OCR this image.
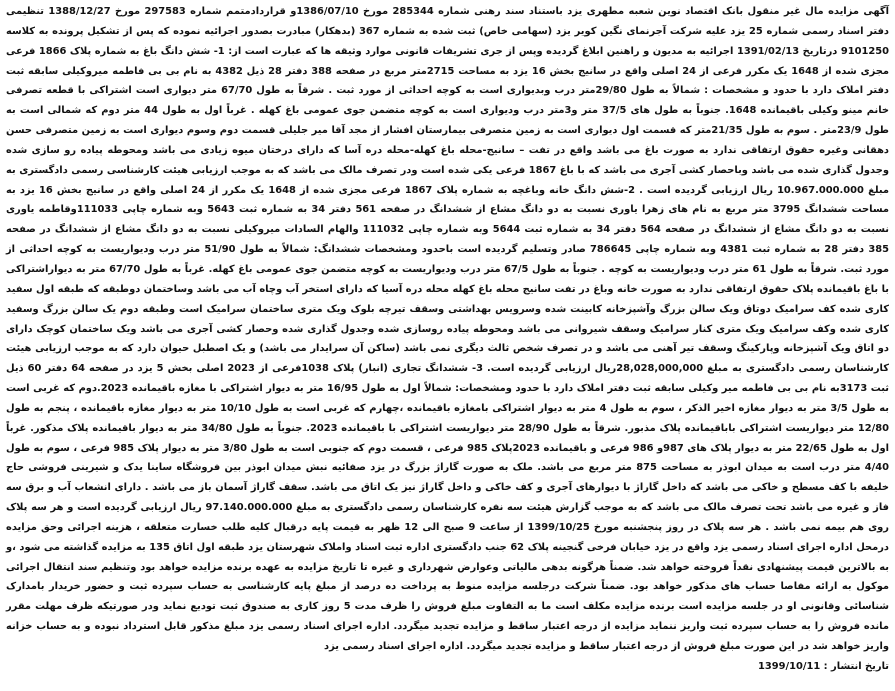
آگهی مزایده مال غیر منقول بانک اقتصاد نوین شعبه مطهری یزد باستناد سند رهنی شماره 285344 مورخ 1386/07/10و قراردادمتمم شماره 297583 مورخ 1388/12/27 تنظیمی دفتر اسناد رسمی شماره 25 یزد علیه شرکت آجرنمای نگین کویر یزد (سهامی خاص) ثبت شده به شماره 367 (بدهکار) مبادرت بصدور اجرائیه نموده که پس از تشکیل پرونده به کلاسه 9101250 درتاریخ 1391/02/13 اجرائیه به مدیون و راهنین ابلاغ گردیده وپس از جری تشریفات قانونی موارد وثیقه ها که عبارت است از: 1- شش دانگ باغ به شماره پلاک 1866 فرعی مجزی شده از 1648 یک مکرر فرعی از 24 اصلی واقع در سانیج بخش 16 یزد به مساحت 2715متر مربع در صفحه 388 دفتر 28 ذیل 4382 به نام بی بی فاطمه میروکیلی سابقه ثبت دفتر املاک دارد با حدود و مشخصات : شمالاً به طول 29/80متر درب وبدیواری است به کوچه احداثی از مورد ثبت . شرقاً به طول 67/70 متر دیواری است اشتراکی با قطعه تصرفی خانم مینو وکیلی باقیمانده 1648. جنوباً به طول های 37/5 متر و3متر درب ودیواری است به کوچه متضمن جوی عمومی باغ کهله . غرباً اول به طول 44 متر دوم که شمالی است به طول 23/9متر . سوم به طول 21/35متر که قسمت اول دیواری است به زمین متصرفی بیمارستان افشار از مجد آقا میر جلیلی قسمت دوم وسوم دیواری است به زمین متصرفی حسن دهقانی وغیره حقوق ارتفاقی ندارد به صورت باغ می باشد واقع در تفت – سانیج-محله باغ کهله-محله دره آسا که دارای درختان میوه زیادی می باشد ومحوطه پیاده رو سازی شده وجدول گذاری شده می باشد وباحصار کشی آجری می باشد که با باغ 1867 فرعی یکی شده است ودر تصرف مالک می باشد که به موجب ارزیابی هیئت کارشناسی رسمی دادگستری به مبلغ 10.967.000.000 ریال ارزیابی گردیده است . 2-شش دانگ خانه وباغچه به شماره پلاک 1867 فرعی مجزی شده از 1648 یک مکرر از 24 اصلی واقع در سانیج بخش 16 یزد به مساحت ششدانگ 3795 متر مربع به نام های زهرا یاوری نسبت به دو دانگ مشاع از ششدانگ در صفحه 561 دفتر 34 به شماره ثبت 5643 وبه شماره چاپی 111033وقاطمه یاوری نسبت به دو دانگ مشاع از ششدانگ در صفحه 564 دفتر 34 به شماره ثبت 5644 وبه شماره چاپی 111032 والهام السادات میروکیلی نسبت به دو دانگ مشاع از ششدانگ در صفحه 385 دفتر 28 به شماره ثبت 4381 وبه شماره چاپی 786645 صادر وتسلیم گردیده است باحدود ومشخصات ششدانگ: شمالاً به طول 51/90 متر درب ودیواریست به کوچه احداثی از مورد ثبت. شرقاً به طول 61 متر درب ودیواریست به کوچه . جنوباً به طول 67/5 متر درب ودیواریست به کوچه متضمن جوی عمومی باغ کهله. غرباً به طول 67/70 متر به دیواراشتراکی با باغ باقیمانده پلاک حقوق ارتفاقی ندارد به صورت خانه وباغ در تفت سانیج محله باغ کهله محله دره آسیا که دارای استخر آب وچاه آب می باشد وساختمان دوطبقه که طبقه اول سفید کاری شده کف سرامیک دوتاق ویک سالن بزرگ وآشپزخانه کابینت شده وسرویس بهداشتی وسقف تیرچه بلوک ویک متری ساختمان سرامیک است وطبقه دوم یک سالن بزرگ وسفید کاری شده وکف سرامیک ویک متری کنار سرامیک وسقف شیروانی می باشد ومحوطه پیاده روسازی شده وجدول گذاری شده وحصار کشی آجری می باشد ویک ساختمان کوچک دارای دو اتاق ویک آشپزخانه وپارکینگ وسقف تیر آهنی می باشد و در تصرف شخص ثالث دیگری نمی باشد (ساکن آن سرایدار می باشد) و یک اصطبل حیوان دارد که به موجب ارزیابی هیئت کارشناسان رسمی دادگستری به مبلغ 28,028,000,000ریال ارزیابی گردیده است. 3- ششدانگ تجاری (انبار) پلاک 1038فرعی از 2023 اصلی بخش 5 یزد در صفحه 64 دفتر 60 ذیل ثبت 3173به نام بی بی فاطمه میر وکیلی سابقه ثبت دفتر املاک دارد با حدود ومشخصات: شمالاً اول به طول 16/95 متر به دیوار اشتراکی با مغازه باقیمانده 2023.دوم که غربی است به طول 3/5 متر به دیوار مغازه اخیر الذکر ، سوم به طول 4 متر به دیوار اشتراکی بامغازه باقیمانده ،چهارم که غربی است به طول 10/10 متر به دیوار مغازه باقیمانده ، پنجم به طول 12/80 متر دیواریست اشتراکی باباقیمانده پلاک مذبور. شرقاً به طول 28/90 متر دیواریست اشتراکی با باقیمانده 2023. جنوباً به طول 34/80 متر به دیوار باقیمانده پلاک مذکور. غرباً اول به طول 22/65 متر به دیوار پلاک های 987و 986 فرعی و باقیمانده 2023پلاک 985 فرعی ، قسمت دوم که جنوبی است به طول 3/80 متر به دیوار پلاک 985 فرعی ، سوم به طول 4/40 متر درب است به میدان ابوذر به مساحت 875 متر مربع می باشد. ملک به صورت گاراژ بزرگ در یزد صفائیه نبش میدان ابوذر بین فروشگاه ساینا یدک و شیرینی فروشی حاج خلیفه با کف مسطح و خاکی می باشد که داخل گاراژ با دیوارهای آجری و کف خاکی و داخل گاراژ نیز یک اتاق می باشد. سقف گاراژ آسمان باز می باشد . دارای انشعاب آب و برق سه فاز و غیره می باشد تحت تصرف مالک می باشد که به موجب گزارش هیئت سه نفره کارشناسان رسمی دادگستری به مبلغ 97.140.000.000 ریال ارزیابی گردیده است و هر سه پلاک روی هم بیمه نمی باشد . هر سه پلاک در روز پنجشنبه مورخ 1399/10/25 از ساعت 9 صبح الی 12 ظهر به قیمت پایه درقبال کلیه طلب خسارت متعلقه ، هزینه اجرائی وحق مزایده درمحل اداره اجرای اسناد رسمی یزد واقع در یزد خیابان فرخی گنجینه پلاک 62 جنب دادگستری اداره ثبت اسناد واملاک شهرستان یزد طبقه اول اتاق 135 به مزایده گذاشته می شود ،و به بالاترین قیمت پیشنهادی نقداً فروخته خواهد شد. ضمناً هرگونه بدهی مالیاتی وعوارض شهرداری و غیره تا تاریخ مزایده به عهده برنده مزایده خواهد بود وتنظیم سند انتقال اجرائی موکول به ارائه مفاصا حساب های مذکور خواهد بود. ضمناً شرکت درجلسه مزایده منوط به پرداخت ده درصد از مبلغ پایه کارشناسی به حساب سپرده ثبت و حضور خریدار بامدارک شناسائی وقانونی او در جلسه مزایده است برنده مزایده مکلف است ما به التفاوت مبلغ فروش را ظرف مدت 5 روز کاری به صندوق ثبت تودیع نماید ودر صورتیکه ظرف مهلت مقرر مانده فروش را به حساب سپرده ثبت واریز ننماید مزایده از درجه اعتبار ساقط و مزایده تجدید میگردد. اداره اجرای اسناد رسمی یزد مبلغ مذکور قابل استرداد نبوده و به حساب خزانه واریز خواهد شد در این صورت مبلغ فروش از درجه اعتبار ساقط و مزایده تجدید میگردد. اداره اجرای اسناد رسمی یزد

تاریخ انتشار : 1399/10/11
